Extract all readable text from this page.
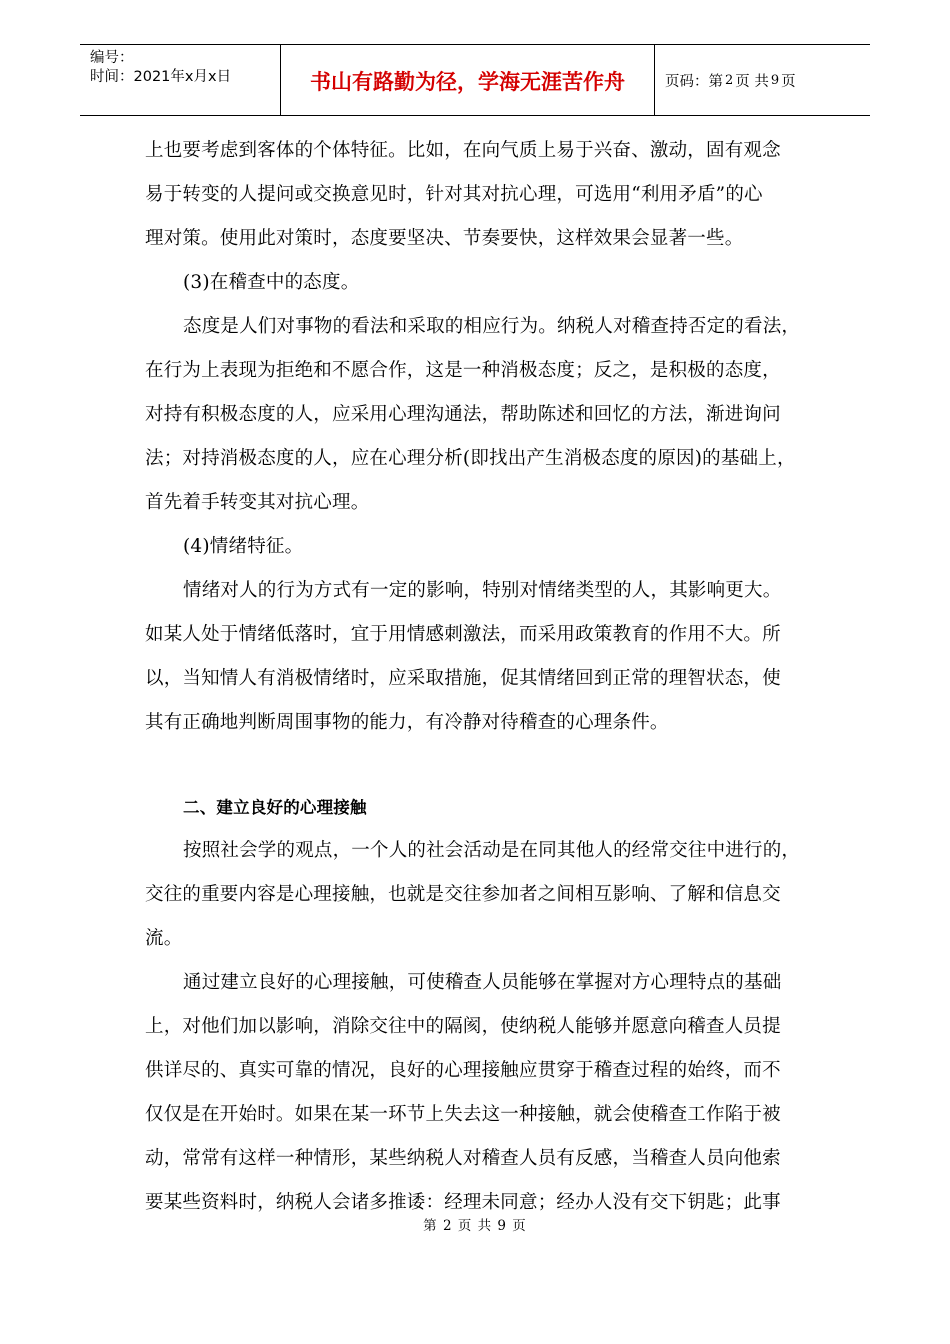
编号：
时间：2021年x月x日	书山有路勤为径，学海无涯苦作舟	页码：第 2 页 共 9 页
上也要考虑到客体的个体特征。比如，在向气质上易于兴奋、激动，固有观念
易于转变的人提问或交换意见时，针对其对抗心理，可选用“利用矛盾”的心
理对策。使用此对策时，态度要坚决、节奏要快，这样效果会显著一些。
(3)在稽查中的态度。
态度是人们对事物的看法和采取的相应行为。纳税人对稽查持否定的看法，
在行为上表现为拒绝和不愿合作，这是一种消极态度；反之，是积极的态度，
对持有积极态度的人，应采用心理沟通法，帮助陈述和回忆的方法，渐进询问
法；对持消极态度的人，应在心理分析(即找出产生消极态度的原因)的基础上，
首先着手转变其对抗心理。
(4)情绪特征。
情绪对人的行为方式有一定的影响，特别对情绪类型的人，其影响更大。
如某人处于情绪低落时，宜于用情感刺激法，而采用政策教育的作用不大。所
以，当知情人有消极情绪时，应采取措施，促其情绪回到正常的理智状态，使
其有正确地判断周围事物的能力，有冷静对待稽查的心理条件。
二、建立良好的心理接触
按照社会学的观点，一个人的社会活动是在同其他人的经常交往中进行的，
交往的重要内容是心理接触，也就是交往参加者之间相互影响、了解和信息交
流。
通过建立良好的心理接触，可使稽查人员能够在掌握对方心理特点的基础
上，对他们加以影响，消除交往中的隔阂，使纳税人能够并愿意向稽查人员提
供详尽的、真实可靠的情况，良好的心理接触应贯穿于稽查过程的始终，而不
仅仅是在开始时。如果在某一环节上失去这一种接触，就会使稽查工作陷于被
动，常常有这样一种情形，某些纳税人对稽查人员有反感，当稽查人员向他索
要某些资料时，纳税人会诸多推诿：经理未同意；经办人没有交下钥匙；此事
第 2 页 共 9 页
